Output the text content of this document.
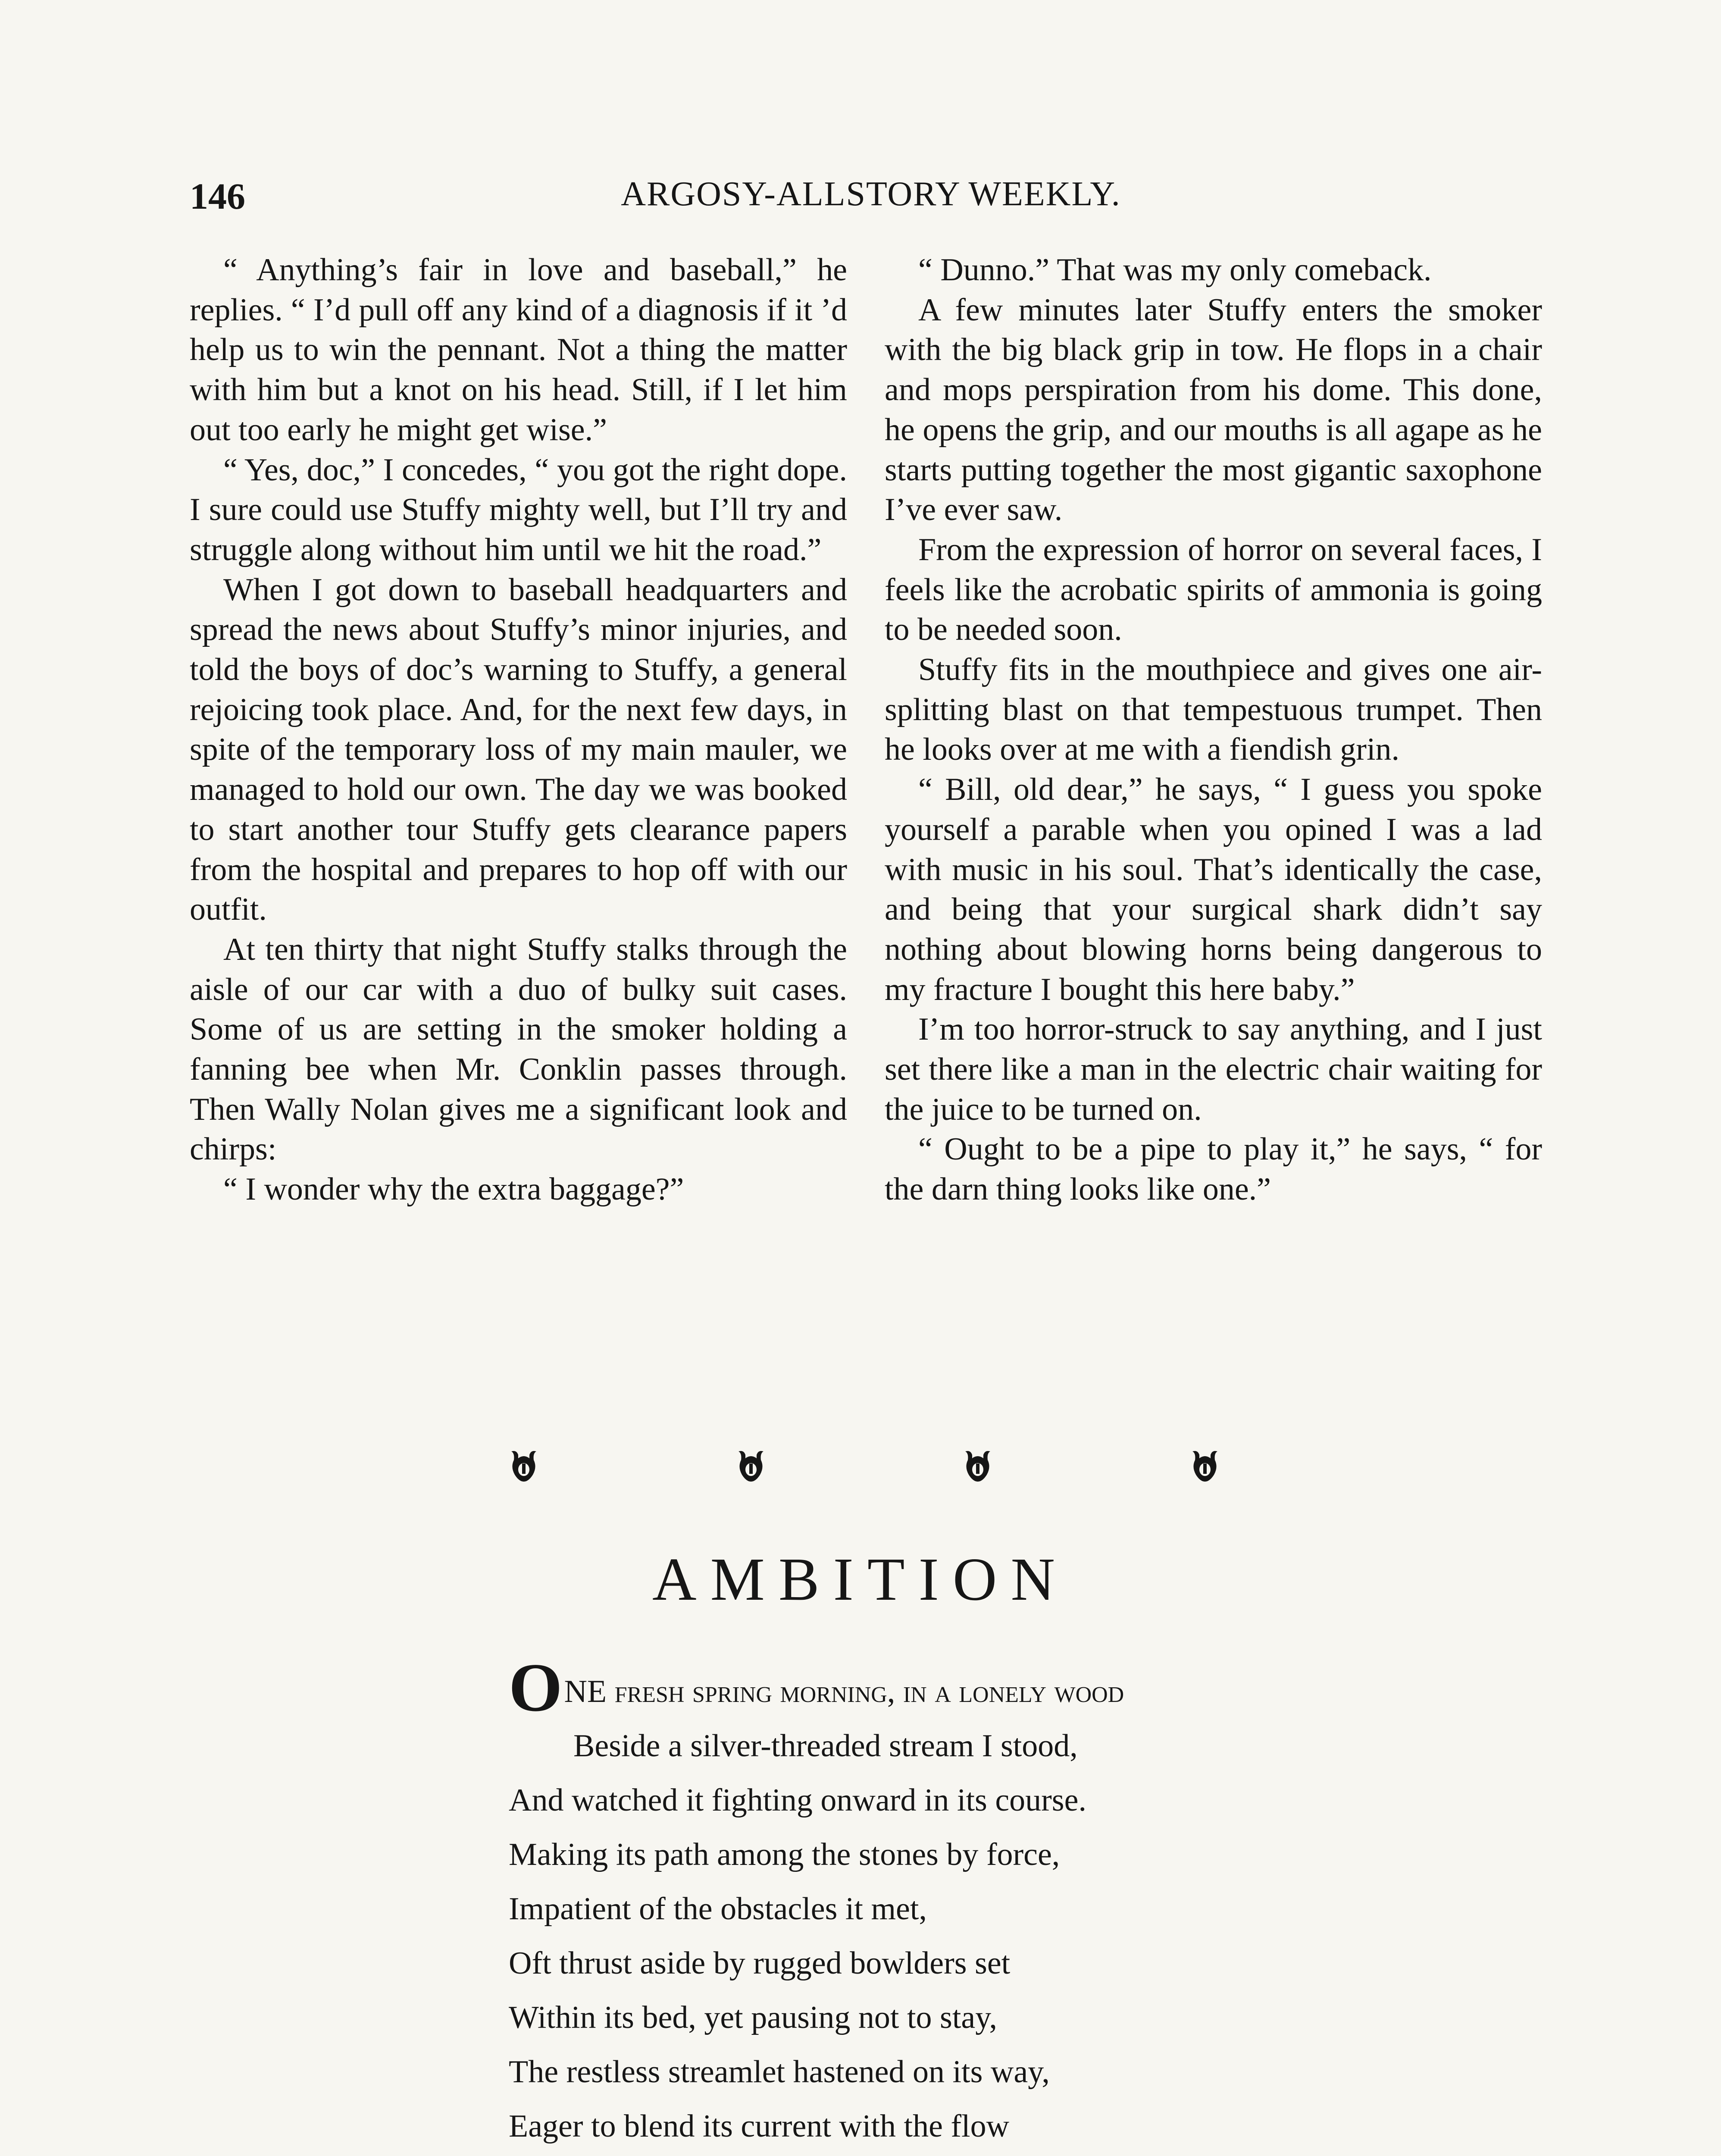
146	ARGOSY-ALLSTORY WEEKLY.

“ Anything’s fair in love and baseball,” he replies. “ I’d pull off any kind of a diagnosis if it ’d help us to win the pennant. Not a thing the matter with him but a knot on his head. Still, if I let him out too early he might get wise.”

“ Yes, doc,” I concedes, “ you got the right dope. I sure could use Stuffy mighty well, but I’ll try and struggle along without him until we hit the road.”

When I got down to baseball headquarters and spread the news about Stuffy’s minor injuries, and told the boys of doc’s warning to Stuffy, a general rejoicing took place. And, for the next few days, in spite of the temporary loss of my main mauler, we managed to hold our own. The day we was booked to start another tour Stuffy gets clearance papers from the hospital and prepares to hop off with our outfit.

At ten thirty that night Stuffy stalks through the aisle of our car with a duo of bulky suit cases. Some of us are setting in the smoker holding a fanning bee when Mr. Conklin passes through. Then Wally Nolan gives me a significant look and chirps:

“ I wonder why the extra baggage?”

“ Dunno.” That was my only comeback.

A few minutes later Stuffy enters the smoker with the big black grip in tow. He flops in a chair and mops perspiration from his dome. This done, he opens the grip, and our mouths is all agape as he starts putting together the most gigantic saxophone I’ve ever saw.

From the expression of horror on several faces, I feels like the acrobatic spirits of ammonia is going to be needed soon.

Stuffy fits in the mouthpiece and gives one air-splitting blast on that tempestuous trumpet. Then he looks over at me with a fiendish grin.

“ Bill, old dear,” he says, “ I guess you spoke yourself a parable when you opined I was a lad with music in his soul. That’s identically the case, and being that your surgical shark didn’t say nothing about blowing horns being dangerous to my fracture I bought this here baby.”

I’m too horror-struck to say anything, and I just set there like a man in the electric chair waiting for the juice to be turned on.

“ Ought to be a pipe to play it,” he says, “ for the darn thing looks like one.”

AMBITION
ONE fresh spring morning, in a lonely wood
Beside a silver-threaded stream I stood,
And watched it fighting onward in its course.
Making its path among the stones by force,
Impatient of the obstacles it met,
Oft thrust aside by rugged bowlders set
Within its bed, yet pausing not to stay,
The restless streamlet hastened on its way,
Eager to blend its current with the flow
